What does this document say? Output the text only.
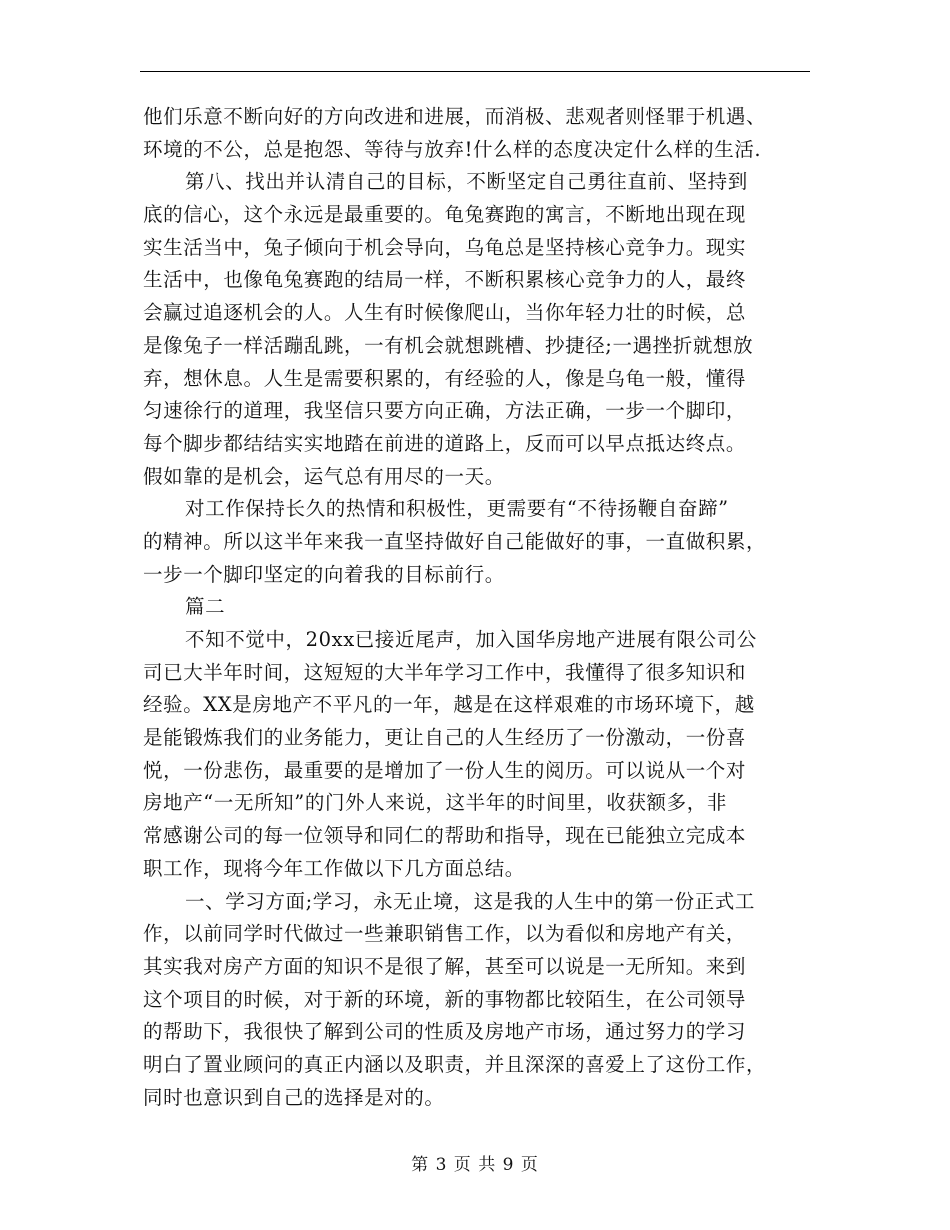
他们乐意不断向好的方向改进和进展，而消极、悲观者则怪罪于机遇、
环境的不公，总是抱怨、等待与放弃!什么样的态度决定什么样的生活.
第八、找出并认清自己的目标，不断坚定自己勇往直前、坚持到
底的信心，这个永远是最重要的。龟兔赛跑的寓言，不断地出现在现
实生活当中，兔子倾向于机会导向，乌龟总是坚持核心竞争力。现实
生活中，也像龟兔赛跑的结局一样，不断积累核心竞争力的人，最终
会赢过追逐机会的人。人生有时候像爬山，当你年轻力壮的时候，总
是像兔子一样活蹦乱跳，一有机会就想跳槽、抄捷径;一遇挫折就想放
弃，想休息。人生是需要积累的，有经验的人，像是乌龟一般，懂得
匀速徐行的道理，我坚信只要方向正确，方法正确，一步一个脚印，
每个脚步都结结实实地踏在前进的道路上，反而可以早点抵达终点。
假如靠的是机会，运气总有用尽的一天。
对工作保持长久的热情和积极性，更需要有“不待扬鞭自奋蹄”
的精神。所以这半年来我一直坚持做好自己能做好的事，一直做积累，
一步一个脚印坚定的向着我的目标前行。
篇二
不知不觉中，20xx已接近尾声，加入国华房地产进展有限公司公
司已大半年时间，这短短的大半年学习工作中，我懂得了很多知识和
经验。XX是房地产不平凡的一年，越是在这样艰难的市场环境下，越
是能锻炼我们的业务能力，更让自己的人生经历了一份激动，一份喜
悦，一份悲伤，最重要的是增加了一份人生的阅历。可以说从一个对
房地产“一无所知”的门外人来说，这半年的时间里，收获额多，非
常感谢公司的每一位领导和同仁的帮助和指导，现在已能独立完成本
职工作，现将今年工作做以下几方面总结。
一、学习方面;学习，永无止境，这是我的人生中的第一份正式工
作，以前同学时代做过一些兼职销售工作，以为看似和房地产有关，
其实我对房产方面的知识不是很了解，甚至可以说是一无所知。来到
这个项目的时候，对于新的环境，新的事物都比较陌生，在公司领导
的帮助下，我很快了解到公司的性质及房地产市场，通过努力的学习
明白了置业顾问的真正内涵以及职责，并且深深的喜爱上了这份工作，
同时也意识到自己的选择是对的。
第 3 页 共 9 页
